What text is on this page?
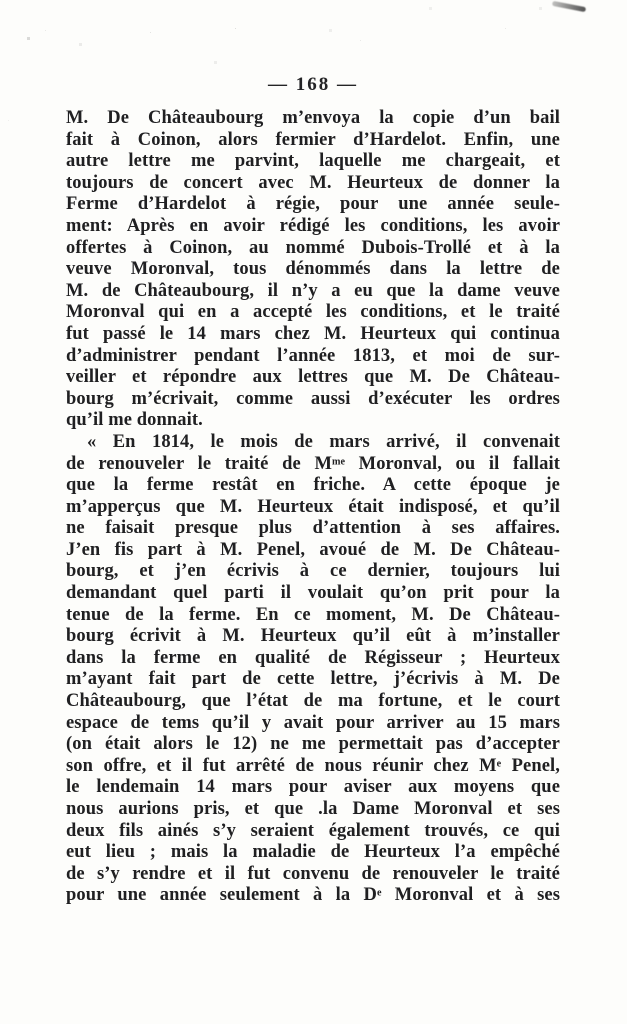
— 168 —
M. De Châteaubourg m’envoya la copie d’un bail
fait à Coinon, alors fermier d’Hardelot. Enfin, une
autre lettre me parvint, laquelle me chargeait, et
toujours de concert avec M. Heurteux de donner la
Ferme d’Hardelot à régie, pour une année seule-
ment: Après en avoir rédigé les conditions, les avoir
offertes à Coinon, au nommé Dubois-Trollé et à la
veuve Moronval, tous dénommés dans la lettre de
M. de Châteaubourg, il n’y a eu que la dame veuve
Moronval qui en a accepté les conditions, et le traité
fut passé le 14 mars chez M. Heurteux qui continua
d’administrer pendant l’année 1813, et moi de sur-
veiller et répondre aux lettres que M. De Château-
bourg m’écrivait, comme aussi d’exécuter les ordres
qu’il me donnait.
« En 1814, le mois de mars arrivé, il convenait
de renouveler le traité de $M^{me}$ Moronval, ou il fallait
que la ferme restât en friche. A cette époque je
m’apperçus que M. Heurteux était indisposé, et qu’il
ne faisait presque plus d’attention à ses affaires.
J’en fis part à M. Penel, avoué de M. De Château-
bourg, et j’en écrivis à ce dernier, toujours lui
demandant quel parti il voulait qu’on prit pour la
tenue de la ferme. En ce moment, M. De Château-
bourg écrivit à M. Heurteux qu’il eût à m’installer
dans la ferme en qualité de Régisseur ; Heurteux
m’ayant fait part de cette lettre, j’écrivis à M. De
Châteaubourg, que l’état de ma fortune, et le court
espace de tems qu’il y avait pour arriver au 15 mars
(on était alors le 12) ne me permettait pas d’accepter
son offre, et il fut arrêté de nous réunir chez Me Penel,
le lendemain 14 mars pour aviser aux moyens que
nous aurions pris, et que .la Dame Moronval et ses
deux fils ainés s’y seraient également trouvés, ce qui
eut lieu ; mais la maladie de Heurteux l’a empêché
de s’y rendre et il fut convenu de renouveler le traité
pour une année seulement à la De Moronval et à ses
